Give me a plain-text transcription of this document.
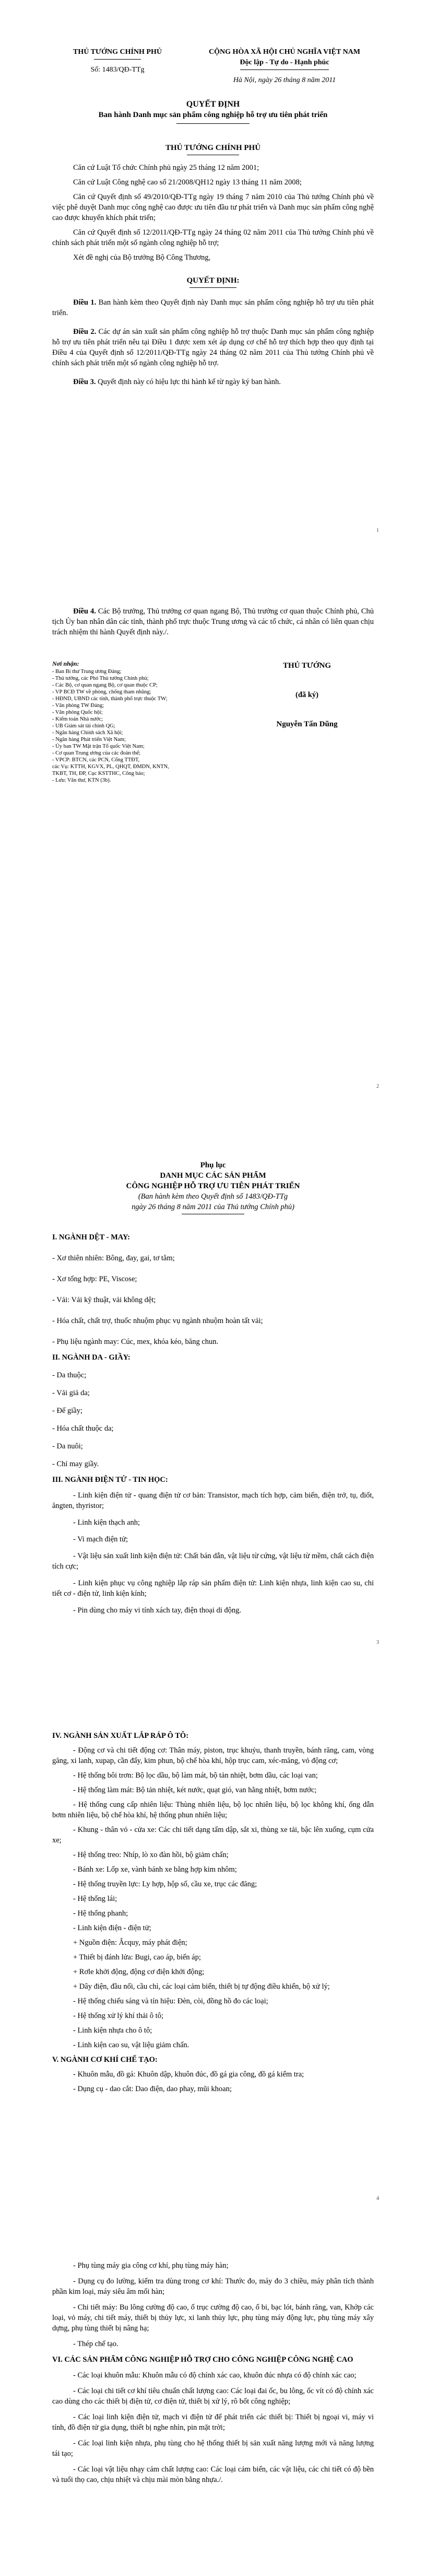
THỦ TƯỚNG CHÍNH PHỦ
Số: 1483/QĐ-TTg
CỘNG HÒA XÃ HỘI CHỦ NGHĨA VIỆT NAM
Độc lập - Tự do - Hạnh phúc
Hà Nội, ngày 26 tháng 8 năm 2011
QUYẾT ĐỊNH
Ban hành Danh mục sản phẩm công nghiệp hỗ trợ ưu tiên phát triển
THỦ TƯỚNG CHÍNH PHỦ

Căn cứ Luật Tổ chức Chính phủ ngày 25 tháng 12 năm 2001;

Căn cứ Luật Công nghệ cao số 21/2008/QH12 ngày 13 tháng 11 năm 2008;

Căn cứ Quyết định số 49/2010/QĐ-TTg ngày 19 tháng 7 năm 2010 của Thủ tướng Chính phủ về việc phê duyệt Danh mục công nghệ cao được ưu tiên đầu tư phát triển và Danh mục sản phẩm công nghệ cao được khuyến khích phát triển;

Căn cứ Quyết định số 12/2011/QĐ-TTg ngày 24 tháng 02 năm 2011 của Thủ tướng Chính phủ về chính sách phát triển một số ngành công nghiệp hỗ trợ;

Xét đề nghị của Bộ trưởng Bộ Công Thương,

QUYẾT ĐỊNH:

Điều 1. Ban hành kèm theo Quyết định này Danh mục sản phẩm công nghiệp hỗ trợ ưu tiên phát triển.

Điều 2. Các dự án sản xuất sản phẩm công nghiệp hỗ trợ thuộc Danh mục sản phẩm công nghiệp hỗ trợ ưu tiên phát triển nêu tại Điều 1 được xem xét áp dụng cơ chế hỗ trợ thích hợp theo quy định tại Điều 4 của Quyết định số 12/2011/QĐ-TTg ngày 24 tháng 02 năm 2011 của Thủ tướng Chính phủ về chính sách phát triển một số ngành công nghiệp hỗ trợ.

Điều 3. Quyết định này có hiệu lực thi hành kể từ ngày ký ban hành.

1

Điều 4. Các Bộ trưởng, Thủ trưởng cơ quan ngang Bộ, Thủ trưởng cơ quan thuộc Chính phủ, Chủ tịch Ủy ban nhân dân các tỉnh, thành phố trực thuộc Trung ương và các tổ chức, cá nhân có liên quan chịu trách nhiệm thi hành Quyết định này./.

Nơi nhận:
- Ban Bí thư Trung ương Đảng;
- Thủ tướng, các Phó Thủ tướng Chính phủ;
- Các Bộ, cơ quan ngang Bộ, cơ quan thuộc CP;
- VP BCĐ TW về phòng, chống tham nhũng;
- HĐND, UBND các tỉnh, thành phố trực thuộc TW;
- Văn phòng TW Đảng;
- Văn phòng Quốc hội;
- Kiểm toán Nhà nước;
- UB Giám sát tài chính QG;
- Ngân hàng Chính sách Xã hội;
- Ngân hàng Phát triển Việt Nam;
- Ủy ban TW Mặt trận Tổ quốc Việt Nam;
- Cơ quan Trung ương của các đoàn thể;
- VPCP: BTCN, các PCN, Cổng TTĐT,
các Vụ: KTTH, KGVX, PL, QHQT, ĐMDN, KNTN,
TKBT, TH, ĐP, Cục KSTTHC, Công báo;
- Lưu: Văn thư, KTN (3b).
THỦ TƯỚNG
(đã ký)
Nguyễn Tấn Dũng
2
Phụ lục
DANH MỤC CÁC SẢN PHẨM
CÔNG NGHIỆP HỖ TRỢ ƯU TIÊN PHÁT TRIỂN
(Ban hành kèm theo Quyết định số 1483/QĐ-TTg
ngày 26 tháng 8 năm 2011 của Thủ tướng Chính phủ)
I. NGÀNH DỆT - MAY:
- Xơ thiên nhiên: Bông, đay, gai, tơ tằm;
- Xơ tổng hợp: PE, Viscose;
- Vải: Vải kỹ thuật, vải không dệt;
- Hóa chất, chất trợ, thuốc nhuộm phục vụ ngành nhuộm hoàn tất vải;
- Phụ liệu ngành may: Cúc, mex, khóa kéo, băng chun.
II. NGÀNH DA - GIẦY:
- Da thuộc;
- Vải giả da;
- Đế giầy;
- Hóa chất thuộc da;
- Da nuôi;
- Chỉ may giầy.
III. NGÀNH ĐIỆN TỬ - TIN HỌC:
- Linh kiện điện tử - quang điện tử cơ bản: Transistor, mạch tích hợp, cảm biến, điện trở, tụ, điốt, ăngten, thyristor;
- Linh kiện thạch anh;
- Vi mạch điện tử;
- Vật liệu sản xuất linh kiện điện tử: Chất bán dẫn, vật liệu từ cứng, vật liệu từ mềm, chất cách điện tích cực;
- Linh kiện phục vụ công nghiệp lắp ráp sản phẩm điện tử: Linh kiện nhựa, linh kiện cao su, chi tiết cơ - điện tử, linh kiện kính;
- Pin dùng cho máy vi tính xách tay, điện thoại di động.
3
IV. NGÀNH SẢN XUẤT LẮP RÁP Ô TÔ:
- Động cơ và chi tiết động cơ: Thân máy, piston, trục khuỷu, thanh truyền, bánh răng, cam, vòng găng, xi lanh, xupap, cần đẩy, kim phun, bộ chế hòa khí, hộp trục cam, xéc-măng, vỏ động cơ;
- Hệ thống bôi trơn: Bộ lọc dầu, bộ làm mát, bộ tản nhiệt, bơm dầu, các loại van;
- Hệ thống làm mát: Bộ tản nhiệt, két nước, quạt gió, van hằng nhiệt, bơm nước;
- Hệ thống cung cấp nhiên liệu: Thùng nhiên liệu, bộ lọc nhiên liệu, bộ lọc không khí, ống dẫn bơm nhiên liệu, bộ chế hòa khí, hệ thống phun nhiên liệu;
- Khung - thân vỏ - cửa xe: Các chi tiết dạng tấm dập, sắt xi, thùng xe tải, bậc lên xuống, cụm cửa xe;
- Hệ thống treo: Nhíp, lò xo đàn hồi, bộ giảm chấn;
- Bánh xe: Lốp xe, vành bánh xe bằng hợp kim nhôm;
- Hệ thống truyền lực: Ly hợp, hộp số, cầu xe, trục các đăng;
- Hệ thống lái;
- Hệ thống phanh;
- Linh kiện điện - điện tử;
+ Nguồn điện: Ắcquy, máy phát điện;
+ Thiết bị đánh lửa: Bugi, cao áp, biến áp;
+ Rơle khởi động, động cơ điện khởi động;
+ Dây điện, đầu nối, cầu chì, các loại cảm biến, thiết bị tự động điều khiển, bộ xử lý;
- Hệ thống chiếu sáng và tín hiệu: Đèn, còi, đồng hồ đo các loại;
- Hệ thống xử lý khí thải ô tô;
- Linh kiện nhựa cho ô tô;
- Linh kiện cao su, vật liệu giảm chấn.
V. NGÀNH CƠ KHÍ CHẾ TẠO:
- Khuôn mẫu, đồ gá: Khuôn dập, khuôn đúc, đồ gá gia công, đồ gá kiểm tra;
- Dụng cụ - dao cắt: Dao điện, dao phay, mũi khoan;
4
- Phụ tùng máy gia công cơ khí, phụ tùng máy hàn;
- Dụng cụ đo lường, kiểm tra dùng trong cơ khí: Thước đo, máy đo 3 chiều, máy phân tích thành phần kim loại, máy siêu âm mối hàn;
- Chi tiết máy: Bu lông cường độ cao, ổ trục cường độ cao, ổ bi, bạc lót, bánh răng, van, Khớp các loại, vỏ máy, chi tiết máy, thiết bị thủy lực, xi lanh thủy lực, phụ tùng máy động lực, phụ tùng máy xây dựng, phụ tùng thiết bị nâng hạ;
- Thép chế tạo.
VI. CÁC SẢN PHẨM CÔNG NGHIỆP HỖ TRỢ CHO CÔNG NGHIỆP CÔNG NGHỆ CAO
- Các loại khuôn mẫu: Khuôn mẫu có độ chính xác cao, khuôn đúc nhựa có độ chính xác cao;
- Các loại chi tiết cơ khí tiêu chuẩn chất lượng cao: Các loại đai ốc, bu lông, ốc vít có độ chính xác cao dùng cho các thiết bị điện tử, cơ điện tử, thiết bị xử lý, rô bốt công nghiệp;
- Các loại linh kiện điện tử, mạch vi điện tử để phát triển các thiết bị: Thiết bị ngoại vi, máy vi tính, đồ điện tử gia dụng, thiết bị nghe nhìn, pin mặt trời;
- Các loại linh kiện nhựa, phụ tùng cho hệ thống thiết bị sản xuất năng lượng mới và năng lượng tái tạo;
- Các loại vật liệu nhạy cảm chất lượng cao: Các loại cảm biến, các vật liệu, các chi tiết có độ bền và tuổi thọ cao, chịu nhiệt và chịu mài mòn bằng nhựa./.
